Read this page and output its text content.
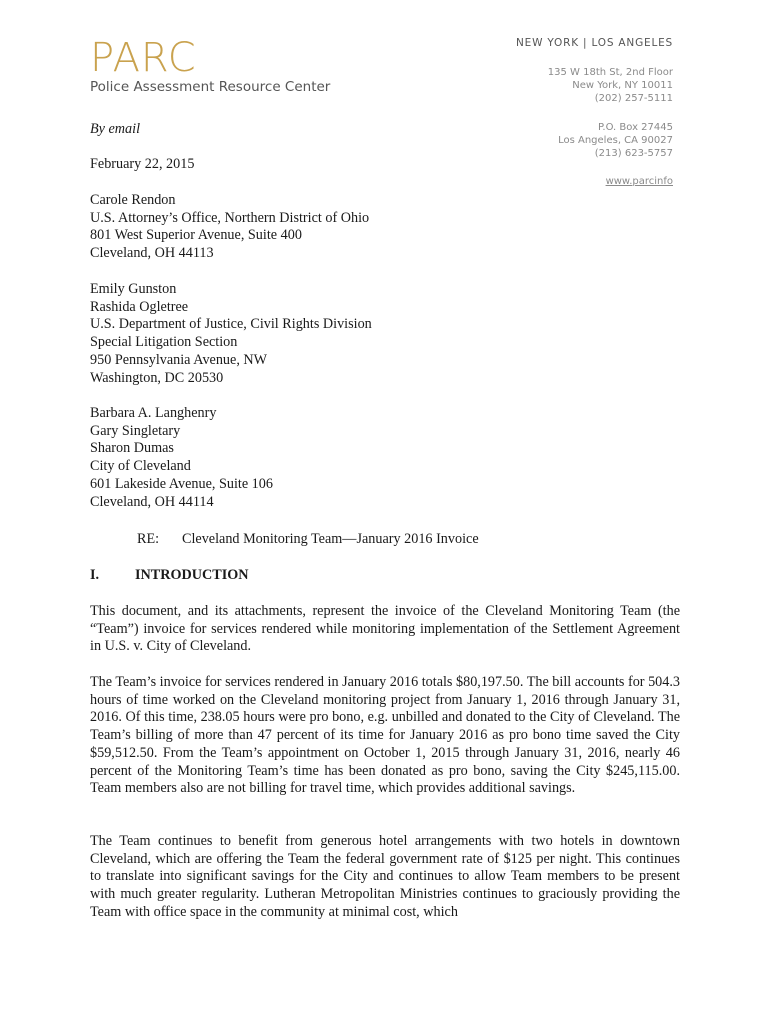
PARC
Police Assessment Resource Center
NEW YORK | LOS ANGELES
135 W 18th St, 2nd Floor
New York, NY 10011
(202) 257-5111
P.O. Box 27445
Los Angeles, CA 90027
(213) 623-5757
www.parcinfo
By email
February 22, 2015
Carole Rendon
U.S. Attorney’s Office, Northern District of Ohio
801 West Superior Avenue, Suite 400
Cleveland, OH 44113
Emily Gunston
Rashida Ogletree
U.S. Department of Justice, Civil Rights Division
Special Litigation Section
950 Pennsylvania Avenue, NW
Washington, DC 20530
Barbara A. Langhenry
Gary Singletary
Sharon Dumas
City of Cleveland
601 Lakeside Avenue, Suite 106
Cleveland, OH 44114
RE: Cleveland Monitoring Team—January 2016 Invoice
I.	INTRODUCTION

This document, and its attachments, represent the invoice of the Cleveland Monitoring Team (the “Team”) invoice for services rendered while monitoring implementation of the Settlement Agreement in U.S. v. City of Cleveland.

The Team’s invoice for services rendered in January 2016 totals $80,197.50. The bill accounts for 504.3 hours of time worked on the Cleveland monitoring project from January 1, 2016 through January 31, 2016. Of this time, 238.05 hours were pro bono, e.g. unbilled and donated to the City of Cleveland. The Team’s billing of more than 47 percent of its time for January 2016 as pro bono time saved the City $59,512.50. From the Team’s appointment on October 1, 2015 through January 31, 2016, nearly 46 percent of the Monitoring Team’s time has been donated as pro bono, saving the City $245,115.00. Team members also are not billing for travel time, which provides additional savings.

The Team continues to benefit from generous hotel arrangements with two hotels in downtown Cleveland, which are offering the Team the federal government rate of $125 per night. This continues to translate into significant savings for the City and continues to allow Team members to be present with much greater regularity. Lutheran Metropolitan Ministries continues to graciously providing the Team with office space in the community at minimal cost, which
